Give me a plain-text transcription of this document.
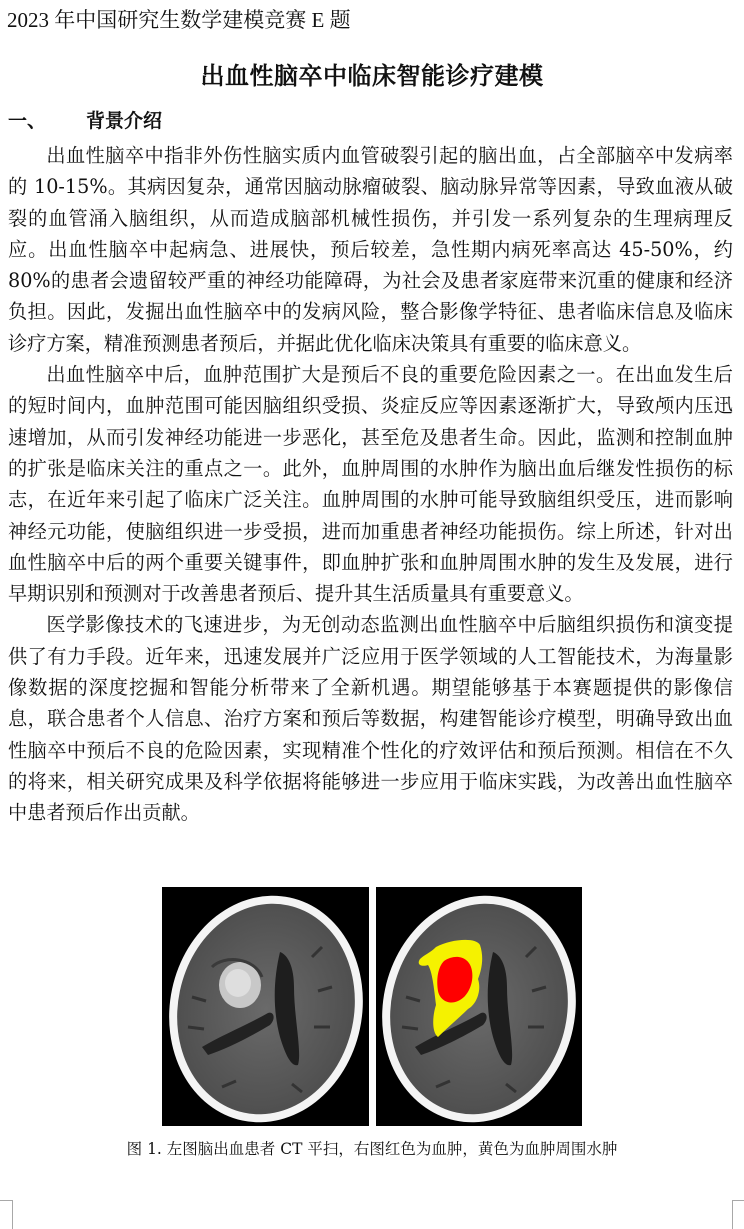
2023 年中国研究生数学建模竞赛 E 题
出血性脑卒中临床智能诊疗建模
一、 背景介绍

出血性脑卒中指非外伤性脑实质内血管破裂引起的脑出血，占全部脑卒中发病率的 10-15%。其病因复杂，通常因脑动脉瘤破裂、脑动脉异常等因素，导致血液从破裂的血管涌入脑组织，从而造成脑部机械性损伤，并引发一系列复杂的生理病理反应。出血性脑卒中起病急、进展快，预后较差，急性期内病死率高达 45-50%，约 80%的患者会遗留较严重的神经功能障碍，为社会及患者家庭带来沉重的健康和经济负担。因此，发掘出血性脑卒中的发病风险，整合影像学特征、患者临床信息及临床诊疗方案，精准预测患者预后，并据此优化临床决策具有重要的临床意义。

出血性脑卒中后，血肿范围扩大是预后不良的重要危险因素之一。在出血发生后的短时间内，血肿范围可能因脑组织受损、炎症反应等因素逐渐扩大，导致颅内压迅速增加，从而引发神经功能进一步恶化，甚至危及患者生命。因此，监测和控制血肿的扩张是临床关注的重点之一。此外，血肿周围的水肿作为脑出血后继发性损伤的标志，在近年来引起了临床广泛关注。血肿周围的水肿可能导致脑组织受压，进而影响神经元功能，使脑组织进一步受损，进而加重患者神经功能损伤。综上所述，针对出血性脑卒中后的两个重要关键事件，即血肿扩张和血肿周围水肿的发生及发展，进行早期识别和预测对于改善患者预后、提升其生活质量具有重要意义。

医学影像技术的飞速进步，为无创动态监测出血性脑卒中后脑组织损伤和演变提供了有力手段。近年来，迅速发展并广泛应用于医学领域的人工智能技术，为海量影像数据的深度挖掘和智能分析带来了全新机遇。期望能够基于本赛题提供的影像信息，联合患者个人信息、治疗方案和预后等数据，构建智能诊疗模型，明确导致出血性脑卒中预后不良的危险因素，实现精准个性化的疗效评估和预后预测。相信在不久的将来，相关研究成果及科学依据将能够进一步应用于临床实践，为改善出血性脑卒中患者预后作出贡献。

图 1. 左图脑出血患者 CT 平扫，右图红色为血肿，黄色为血肿周围水肿
